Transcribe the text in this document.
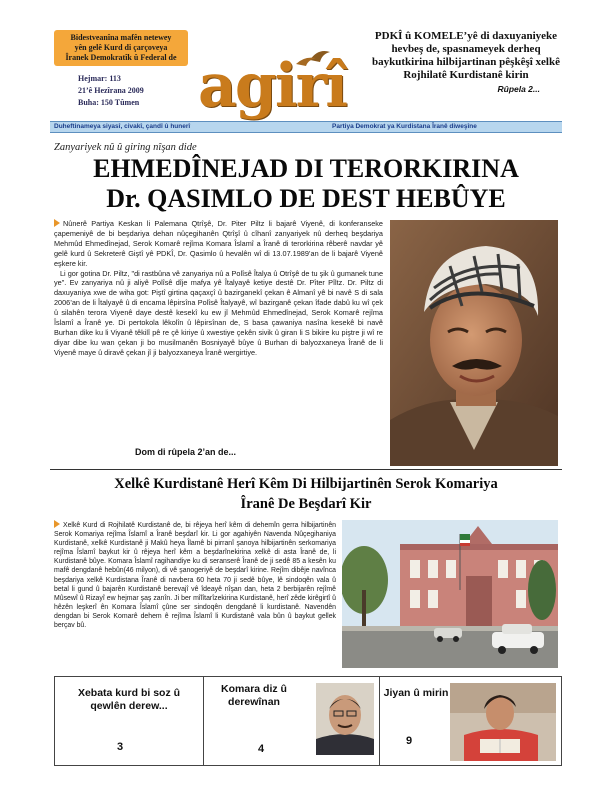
Bidestveanîna mafên netewey
yên gelê Kurd di çarçoveya
Îranek Demokratîk û Federal de
Hejmar: 113
21’ê Hezîrana 2009
Buha: 150 Tûmen agirî
PDKÎ û KOMELE’yê di daxuyaniyeke hevbeş de, spasnameyek derheq baykutkirina hilbijartinan pêşkêşî xelkê Rojhilatê Kurdistanê kirin
Rûpela 2...
Duheftinameya siyasî, civakî, çandî û hunerî	Partiya Demokrat ya Kurdistana Îranê diweşîne
Zanyariyek nû û giring nîşan dide
EHMEDÎNEJAD DI TERORKIRINA
Dr. QASIMLO DE DEST HEBÛYE

Nûnerê Partiya Keskan li Palemana Qtrîşê, Dr. Piter Piltz li bajarê Viyenê, di konferanseke çapemeniyê de bi beşdariya dehan nûçegihanên Qtrîşî û cîhanî zanyariyek nû derheq beşdariya Mehmûd Ehmedînejad, Serok Komarê rejîma Komara Îslamî a Îranê di terorkirina rêberê navdar yê gelê kurd û Sekreterê Giştî yê PDKÎ, Dr. Qasimlo û hevalên wî di 13.07.1989’an de li bajarê Viyenê eşkere kir.

Li gor gotina Dr. Piltz, "di rastbûna vê zanyariya nû a Polîsê Îtalya û Otrîşê de tu şik û gumanek tune ye". Ev zanyariya nû ji aliyê Polîsê dîje mafya yê Îtalyayê ketiye destê Dr. Pîter Pîltz. Dr. Piltz di daxuyaniya xwe de wiha got: Piştî girtina qaçaxçî û bazirganekî çekan ê Almanî yê bi navê S di sala 2006’an de li Îtalyayê û di encama lêpirsîna Polîsê Îtalyayê, wî bazirganê çekan îfade dabû ku wî çek û silahên terora Viyenê daye destê kesekî ku ew jî Mehmûd Ehmedînejad, Serok Komarê rejîma Îslamî a Îranê ye. Di pertokola lêkolîn û lêpirsînan de, S basa çawaniya nasîna kesekê bi navê Burhan dike ku li Viyanê têkilî pê re çê kiriye û xwestiye çekên sivik û giran li S bikire ku piştre ji wî re diyar dibe ku wan çekan ji bo musilmanên Bosniyayê bûye û Burhan di balyozxaneya Îranê de li Viyenê maye û diravê çekan jî ji balyozxaneya Îranê wergirtiye.

Dom di rûpela 2’an de...
Xelkê Kurdistanê Herî Kêm Di Hilbijartinên Serok Komariya
Îranê De Beşdarî Kir
Xelkê Kurd di Rojhilatê Kurdistanê de, bi rêjeya herî kêm di dehemîn gerra hilbijartinên Serok Komariya rejîma Îslamî a Îranê beşdarî kir. Li gor agahiyên Navenda Nûçegihaniya Kurdistanê, xelkê Kurdistanê ji Makû heya Îlamê bi pirranî şanoya hilbijartinên serkomariya rejîma Îslamî baykut kir û rêjeya herî kêm a beşdarînekirina xelkê di asta Îranê de, li Kurdistanê bûye. Komara Îslamî ragihandiye ku di seranserê Îranê de ji sedê 85 a kesên ku mafê dengdanê hebûn(46 milyon), di vê şanogeriyê de beşdarî kirine. Rejîm dibêje navînca beşdariya xelkê Kurdistana Îranê di navbera 60 heta 70 ji sedê bûye, lê sindoqên vala û betal li gund û bajarên Kurdistanê berevajî vê îdeayê nîşan dan, heta 2 berbijarên rejîmê Mûsewî û Rizayî ew hejmar şaş zanîn. Ji ber mîlîtarîzekirina Kurdistanê, herî zêde kirêgirtî û hêzên leşkerî ên Komara Îslamî çûne ser sindoqên dengdanê li kurdistanê. Navendên dengdan bi Serok Komarê dehem ê rejîma Îslamî li Kurdistanê vala bûn û baykut gellek berçav bû.
Xebata kurd bi soz û qewlên derew...
3
Komara diz û derewînan
4
Jiyan û mirin
9
